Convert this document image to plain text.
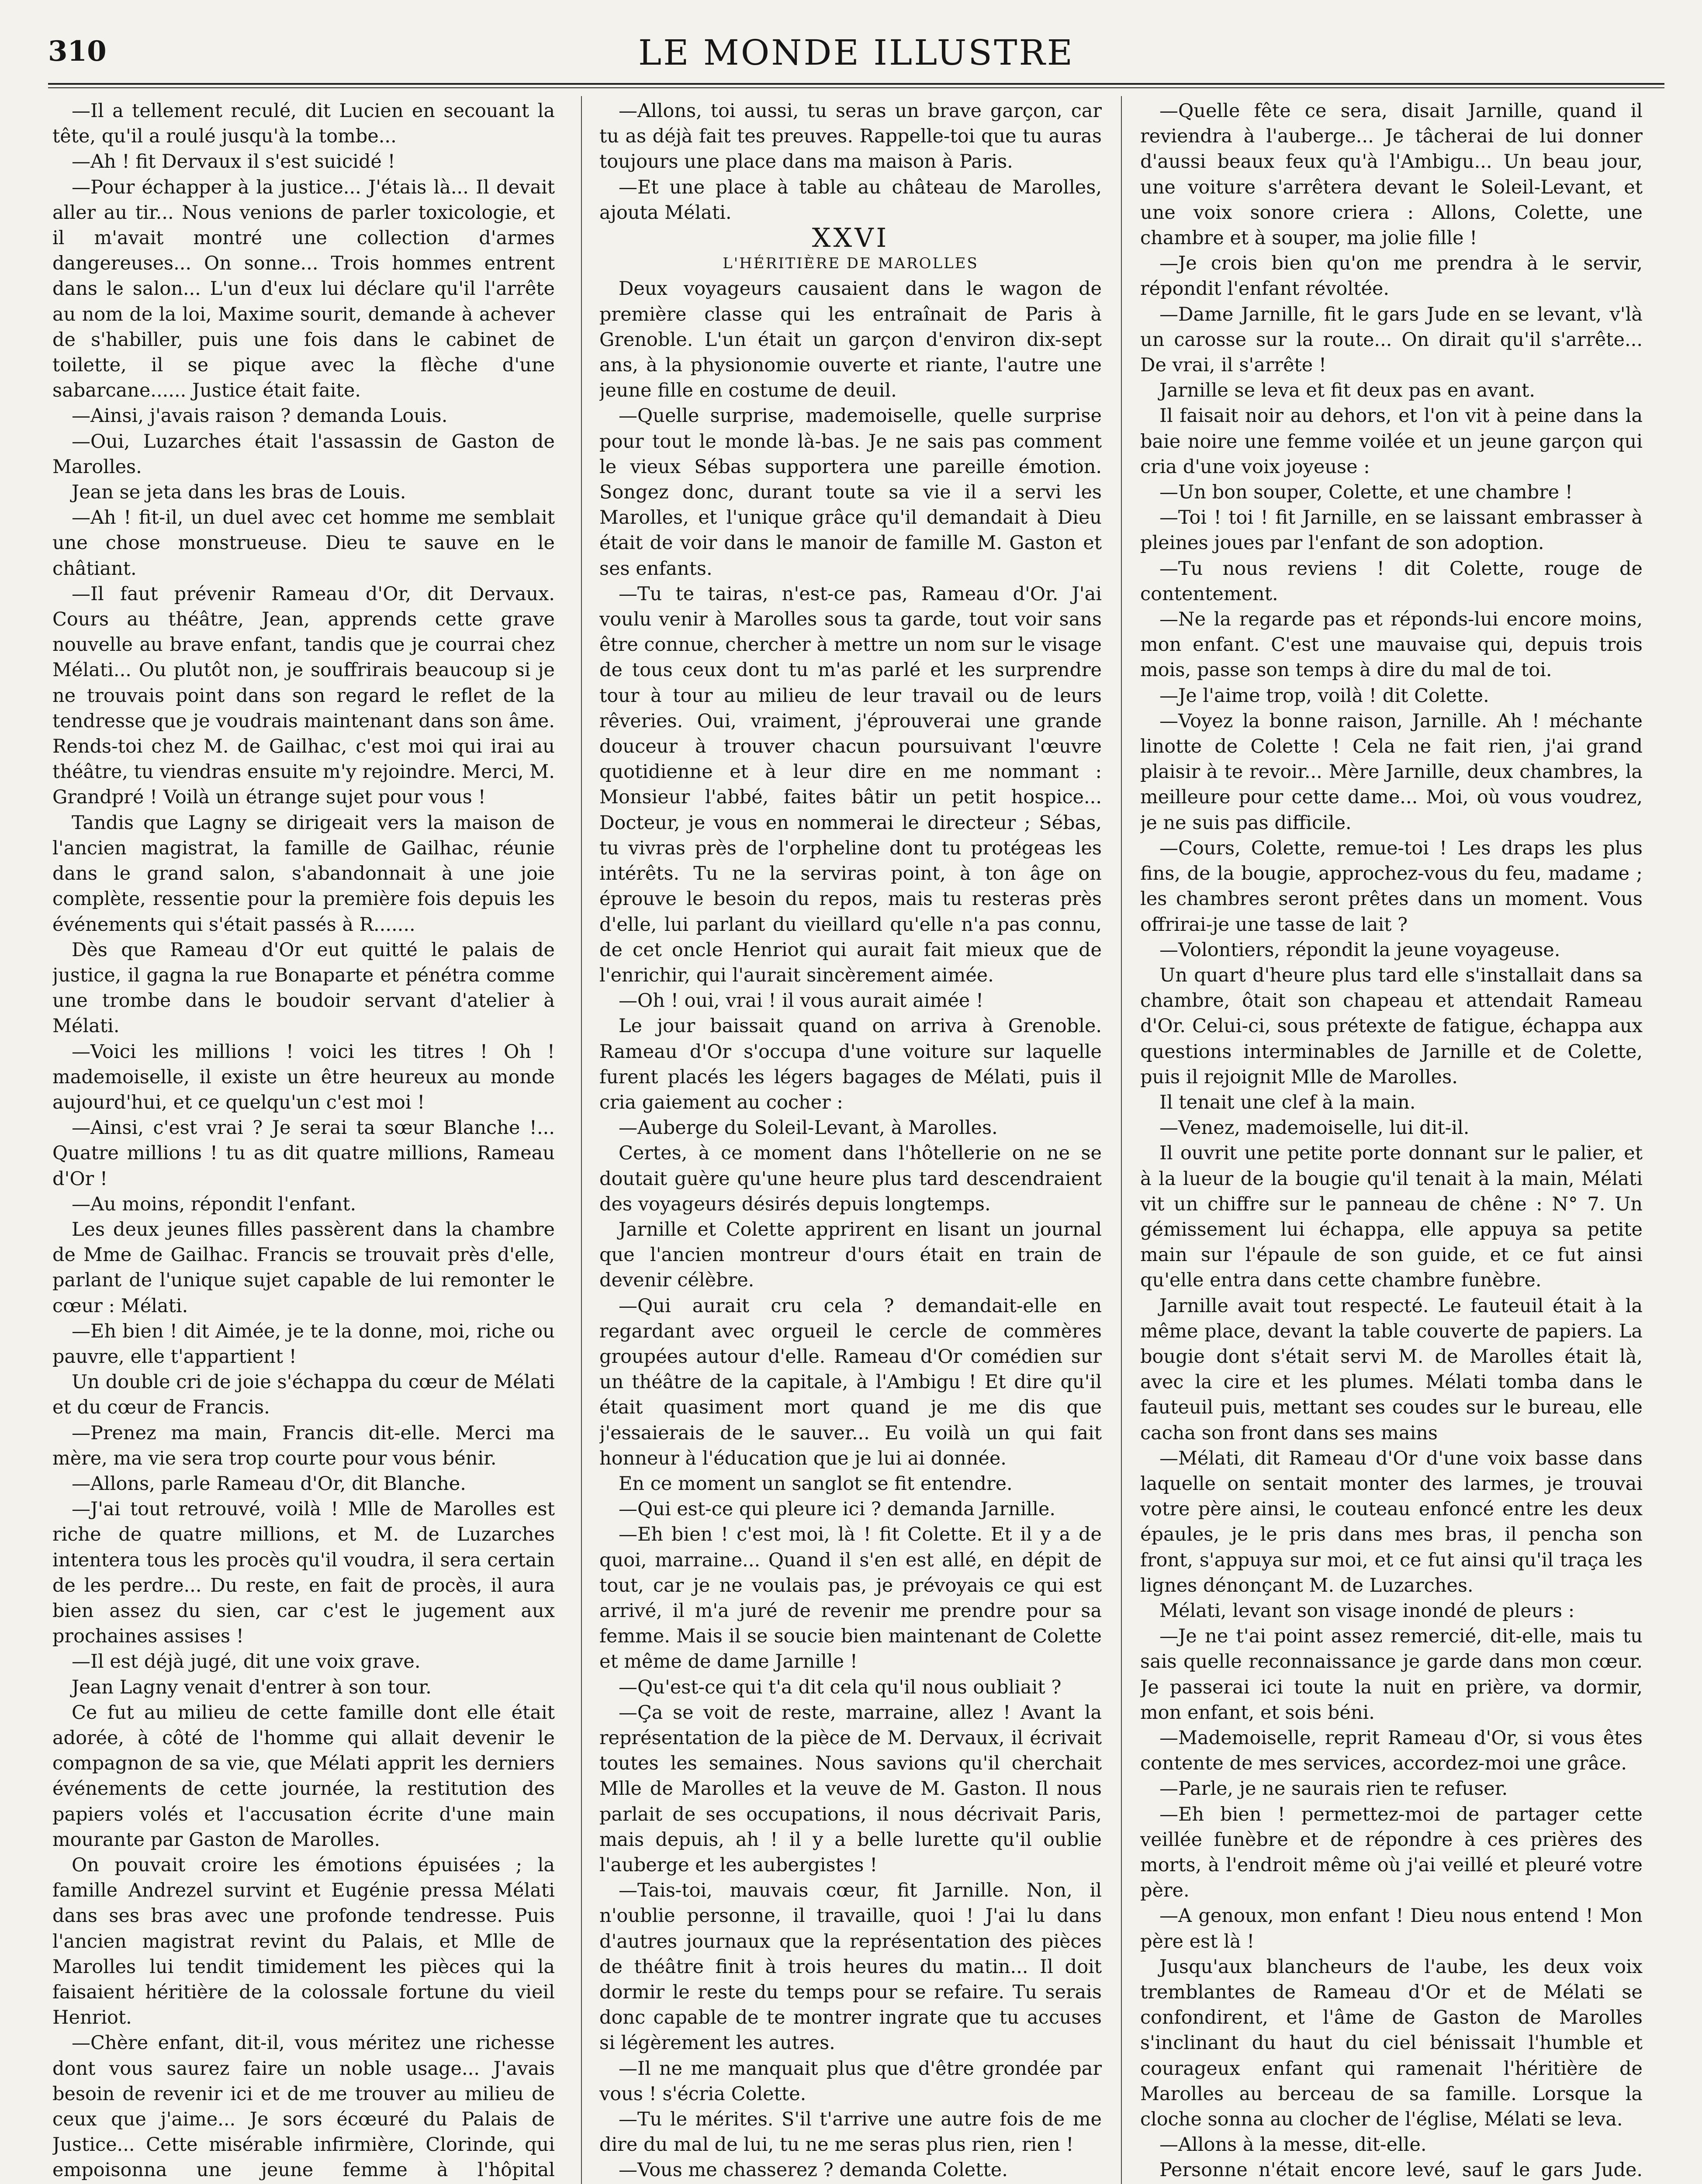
310	LE MONDE ILLUSTRE

—Il a tellement reculé, dit Lucien en secouant la tête, qu'il a roulé jusqu'à la tombe...

—Ah ! fit Dervaux il s'est suicidé !

—Pour échapper à la justice... J'étais là... Il devait aller au tir... Nous venions de parler toxicologie, et il m'avait montré une collection d'armes dangereuses... On sonne... Trois hommes entrent dans le salon... L'un d'eux lui déclare qu'il l'arrête au nom de la loi, Maxime sourit, demande à achever de s'habiller, puis une fois dans le cabinet de toilette, il se pique avec la flèche d'une sabarcane...... Justice était faite.

—Ainsi, j'avais raison ? demanda Louis.

—Oui, Luzarches était l'assassin de Gaston de Marolles.

Jean se jeta dans les bras de Louis.

—Ah ! fit-il, un duel avec cet homme me semblait une chose monstrueuse. Dieu te sauve en le châtiant.

—Il faut prévenir Rameau d'Or, dit Dervaux. Cours au théâtre, Jean, apprends cette grave nouvelle au brave enfant, tandis que je courrai chez Mélati... Ou plutôt non, je souffrirais beaucoup si je ne trouvais point dans son regard le reflet de la tendresse que je voudrais maintenant dans son âme. Rends-toi chez M. de Gailhac, c'est moi qui irai au théâtre, tu viendras ensuite m'y rejoindre. Merci, M. Grandpré ! Voilà un étrange sujet pour vous !

Tandis que Lagny se dirigeait vers la maison de l'ancien magistrat, la famille de Gailhac, réunie dans le grand salon, s'abandonnait à une joie complète, ressentie pour la première fois depuis les événements qui s'était passés à R.......

Dès que Rameau d'Or eut quitté le palais de justice, il gagna la rue Bonaparte et pénétra comme une trombe dans le boudoir servant d'atelier à Mélati.

—Voici les millions ! voici les titres ! Oh ! mademoiselle, il existe un être heureux au monde aujourd'hui, et ce quelqu'un c'est moi !

—Ainsi, c'est vrai ? Je serai ta sœur Blanche !... Quatre millions ! tu as dit quatre millions, Rameau d'Or !

—Au moins, répondit l'enfant.

Les deux jeunes filles passèrent dans la chambre de Mme de Gailhac. Francis se trouvait près d'elle, parlant de l'unique sujet capable de lui remonter le cœur : Mélati.

—Eh bien ! dit Aimée, je te la donne, moi, riche ou pauvre, elle t'appartient !

Un double cri de joie s'échappa du cœur de Mélati et du cœur de Francis.

—Prenez ma main, Francis dit-elle. Merci ma mère, ma vie sera trop courte pour vous bénir.

—Allons, parle Rameau d'Or, dit Blanche.

—J'ai tout retrouvé, voilà ! Mlle de Marolles est riche de quatre millions, et M. de Luzarches intentera tous les procès qu'il voudra, il sera certain de les perdre... Du reste, en fait de procès, il aura bien assez du sien, car c'est le jugement aux prochaines assises !

—Il est déjà jugé, dit une voix grave.

Jean Lagny venait d'entrer à son tour.

Ce fut au milieu de cette famille dont elle était adorée, à côté de l'homme qui allait devenir le compagnon de sa vie, que Mélati apprit les derniers événements de cette journée, la restitution des papiers volés et l'accusation écrite d'une main mourante par Gaston de Marolles.

On pouvait croire les émotions épuisées ; la famille Andrezel survint et Eugénie pressa Mélati dans ses bras avec une profonde tendresse. Puis l'ancien magistrat revint du Palais, et Mlle de Marolles lui tendit timidement les pièces qui la faisaient héritière de la colossale fortune du vieil Henriot.

—Chère enfant, dit-il, vous méritez une richesse dont vous saurez faire un noble usage... J'avais besoin de revenir ici et de me trouver au milieu de ceux que j'aime... Je sors écœuré du Palais de Justice... Cette misérable infirmière, Clorinde, qui empoisonna une jeune femme à l'hôpital

—Allons, toi aussi, tu seras un brave garçon, car tu as déjà fait tes preuves. Rappelle-toi que tu auras toujours une place dans ma maison à Paris.

—Et une place à table au château de Marolles, ajouta Mélati.

XXVI

L'HÉRITIÈRE DE MAROLLES

Deux voyageurs causaient dans le wagon de première classe qui les entraînait de Paris à Grenoble. L'un était un garçon d'environ dix-sept ans, à la physionomie ouverte et riante, l'autre une jeune fille en costume de deuil.

—Quelle surprise, mademoiselle, quelle surprise pour tout le monde là-bas. Je ne sais pas comment le vieux Sébas supportera une pareille émotion. Songez donc, durant toute sa vie il a servi les Marolles, et l'unique grâce qu'il demandait à Dieu était de voir dans le manoir de famille M. Gaston et ses enfants.

—Tu te tairas, n'est-ce pas, Rameau d'Or. J'ai voulu venir à Marolles sous ta garde, tout voir sans être connue, chercher à mettre un nom sur le visage de tous ceux dont tu m'as parlé et les surprendre tour à tour au milieu de leur travail ou de leurs rêveries. Oui, vraiment, j'éprouverai une grande douceur à trouver chacun poursuivant l'œuvre quotidienne et à leur dire en me nommant : Monsieur l'abbé, faites bâtir un petit hospice... Docteur, je vous en nommerai le directeur ; Sébas, tu vivras près de l'orpheline dont tu protégeas les intérêts. Tu ne la serviras point, à ton âge on éprouve le besoin du repos, mais tu resteras près d'elle, lui parlant du vieillard qu'elle n'a pas connu, de cet oncle Henriot qui aurait fait mieux que de l'enrichir, qui l'aurait sincèrement aimée.

—Oh ! oui, vrai ! il vous aurait aimée !

Le jour baissait quand on arriva à Grenoble. Rameau d'Or s'occupa d'une voiture sur laquelle furent placés les légers bagages de Mélati, puis il cria gaiement au cocher :

—Auberge du Soleil-Levant, à Marolles.

Certes, à ce moment dans l'hôtellerie on ne se doutait guère qu'une heure plus tard descendraient des voyageurs désirés depuis longtemps.

Jarnille et Colette apprirent en lisant un journal que l'ancien montreur d'ours était en train de devenir célèbre.

—Qui aurait cru cela ? demandait-elle en regardant avec orgueil le cercle de commères groupées autour d'elle. Rameau d'Or comédien sur un théâtre de la capitale, à l'Ambigu ! Et dire qu'il était quasiment mort quand je me dis que j'essaierais de le sauver... Eu voilà un qui fait honneur à l'éducation que je lui ai donnée.

En ce moment un sanglot se fit entendre.

—Qui est-ce qui pleure ici ? demanda Jarnille.

—Eh bien ! c'est moi, là ! fit Colette. Et il y a de quoi, marraine... Quand il s'en est allé, en dépit de tout, car je ne voulais pas, je prévoyais ce qui est arrivé, il m'a juré de revenir me prendre pour sa femme. Mais il se soucie bien maintenant de Colette et même de dame Jarnille !

—Qu'est-ce qui t'a dit cela qu'il nous oubliait ?

—Ça se voit de reste, marraine, allez ! Avant la représentation de la pièce de M. Dervaux, il écrivait toutes les semaines. Nous savions qu'il cherchait Mlle de Marolles et la veuve de M. Gaston. Il nous parlait de ses occupations, il nous décrivait Paris, mais depuis, ah ! il y a belle lurette qu'il oublie l'auberge et les aubergistes !

—Tais-toi, mauvais cœur, fit Jarnille. Non, il n'oublie personne, il travaille, quoi ! J'ai lu dans d'autres journaux que la représentation des pièces de théâtre finit à trois heures du matin... Il doit dormir le reste du temps pour se refaire. Tu serais donc capable de te montrer ingrate que tu accuses si légèrement les autres.

—Il ne me manquait plus que d'être grondée par vous ! s'écria Colette.

—Tu le mérites. S'il t'arrive une autre fois de me dire du mal de lui, tu ne me seras plus rien, rien !

—Vous me chasserez ? demanda Colette.

—Quelle fête ce sera, disait Jarnille, quand il reviendra à l'auberge... Je tâcherai de lui donner d'aussi beaux feux qu'à l'Ambigu... Un beau jour, une voiture s'arrêtera devant le Soleil-Levant, et une voix sonore criera : Allons, Colette, une chambre et à souper, ma jolie fille !

—Je crois bien qu'on me prendra à le servir, répondit l'enfant révoltée.

—Dame Jarnille, fit le gars Jude en se levant, v'là un carosse sur la route... On dirait qu'il s'arrête... De vrai, il s'arrête !

Jarnille se leva et fit deux pas en avant.

Il faisait noir au dehors, et l'on vit à peine dans la baie noire une femme voilée et un jeune garçon qui cria d'une voix joyeuse :

—Un bon souper, Colette, et une chambre !

—Toi ! toi ! fit Jarnille, en se laissant embrasser à pleines joues par l'enfant de son adoption.

—Tu nous reviens ! dit Colette, rouge de contentement.

—Ne la regarde pas et réponds-lui encore moins, mon enfant. C'est une mauvaise qui, depuis trois mois, passe son temps à dire du mal de toi.

—Je l'aime trop, voilà ! dit Colette.

—Voyez la bonne raison, Jarnille. Ah ! méchante linotte de Colette ! Cela ne fait rien, j'ai grand plaisir à te revoir... Mère Jarnille, deux chambres, la meilleure pour cette dame... Moi, où vous voudrez, je ne suis pas difficile.

—Cours, Colette, remue-toi ! Les draps les plus fins, de la bougie, approchez-vous du feu, madame ; les chambres seront prêtes dans un moment. Vous offrirai-je une tasse de lait ?

—Volontiers, répondit la jeune voyageuse.

Un quart d'heure plus tard elle s'installait dans sa chambre, ôtait son chapeau et attendait Rameau d'Or. Celui-ci, sous prétexte de fatigue, échappa aux questions interminables de Jarnille et de Colette, puis il rejoignit Mlle de Marolles.

Il tenait une clef à la main.

—Venez, mademoiselle, lui dit-il.

Il ouvrit une petite porte donnant sur le palier, et à la lueur de la bougie qu'il tenait à la main, Mélati vit un chiffre sur le panneau de chêne : N° 7. Un gémissement lui échappa, elle appuya sa petite main sur l'épaule de son guide, et ce fut ainsi qu'elle entra dans cette chambre funèbre.

Jarnille avait tout respecté. Le fauteuil était à la même place, devant la table couverte de papiers. La bougie dont s'était servi M. de Marolles était là, avec la cire et les plumes. Mélati tomba dans le fauteuil puis, mettant ses coudes sur le bureau, elle cacha son front dans ses mains

—Mélati, dit Rameau d'Or d'une voix basse dans laquelle on sentait monter des larmes, je trouvai votre père ainsi, le couteau enfoncé entre les deux épaules, je le pris dans mes bras, il pencha son front, s'appuya sur moi, et ce fut ainsi qu'il traça les lignes dénonçant M. de Luzarches.

Mélati, levant son visage inondé de pleurs :

—Je ne t'ai point assez remercié, dit-elle, mais tu sais quelle reconnaissance je garde dans mon cœur. Je passerai ici toute la nuit en prière, va dormir, mon enfant, et sois béni.

—Mademoiselle, reprit Rameau d'Or, si vous êtes contente de mes services, accordez-moi une grâce.

—Parle, je ne saurais rien te refuser.

—Eh bien ! permettez-moi de partager cette veillée funèbre et de répondre à ces prières des morts, à l'endroit même où j'ai veillé et pleuré votre père.

—A genoux, mon enfant ! Dieu nous entend ! Mon père est là !

Jusqu'aux blancheurs de l'aube, les deux voix tremblantes de Rameau d'Or et de Mélati se confondirent, et l'âme de Gaston de Marolles s'inclinant du haut du ciel bénissait l'humble et courageux enfant qui ramenait l'héritière de Marolles au berceau de sa famille. Lorsque la cloche sonna au clocher de l'église, Mélati se leva.

—Allons à la messe, dit-elle.

Personne n'était encore levé, sauf le gars Jude.
